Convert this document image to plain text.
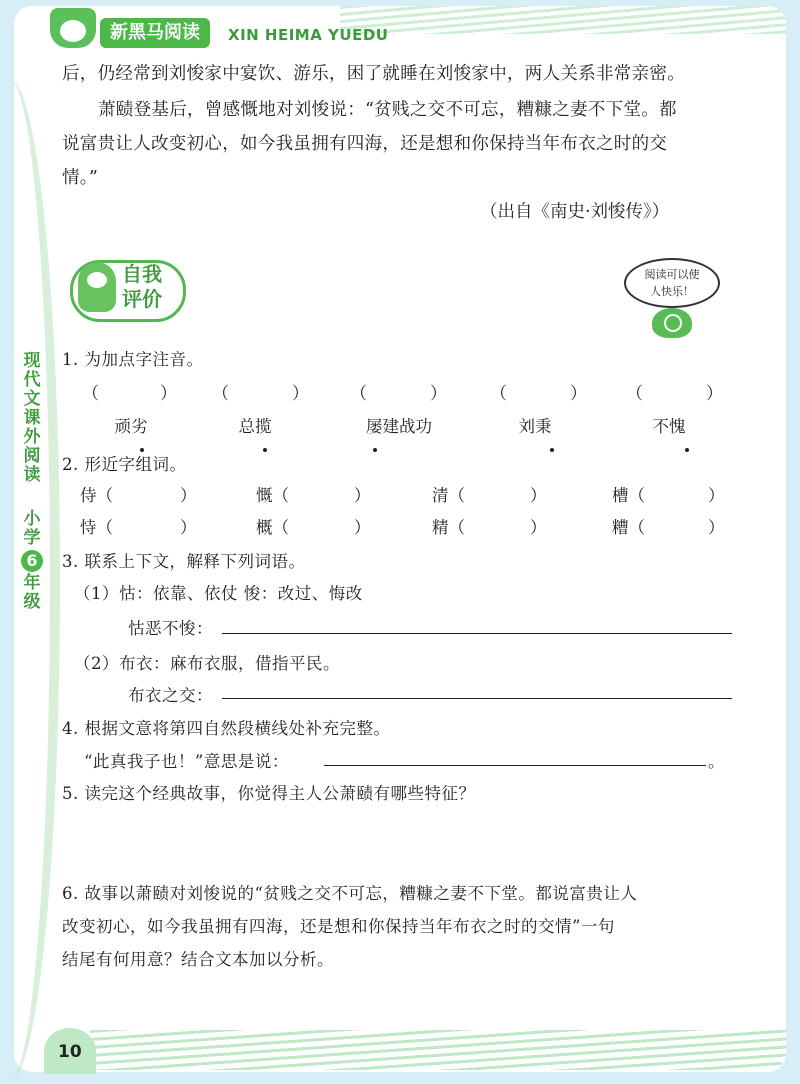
新黑马阅读	XIN HEIMA YUEDU
后，仍经常到刘悛家中宴饮、游乐，困了就睡在刘悛家中，两人关系非常亲密。
萧赜登基后，曾感慨地对刘悛说：“贫贱之交不可忘，糟糠之妻不下堂。都
说富贵让人改变初心，如今我虽拥有四海，还是想和你保持当年布衣之时的交
情。”
（出自《南史·刘悛传》）
自我
评价
阅读可以使
人快乐！
现代文课外阅读
小学
6
年级
1. 为加点字注音。
（	） （	） （	）	（	） （	）
顽劣	总揽	屡建战功	刘秉	不愧
2. 形近字组词。
侍（	）	慨（	）	清（	）	槽（	）
恃（	）	概（	）	精（	）	糟（	）
3. 联系上下文，解释下列词语。
（1）怙：依靠、依仗 悛：改过、悔改
怙恶不悛：
（2）布衣：麻布衣服，借指平民。
布衣之交：
4. 根据文意将第四自然段横线处补充完整。
“此真我子也！”意思是说：	。
5. 读完这个经典故事，你觉得主人公萧赜有哪些特征？
6. 故事以萧赜对刘悛说的“贫贱之交不可忘，糟糠之妻不下堂。都说富贵让人
改变初心，如今我虽拥有四海，还是想和你保持当年布衣之时的交情”一句
结尾有何用意？结合文本加以分析。
10
